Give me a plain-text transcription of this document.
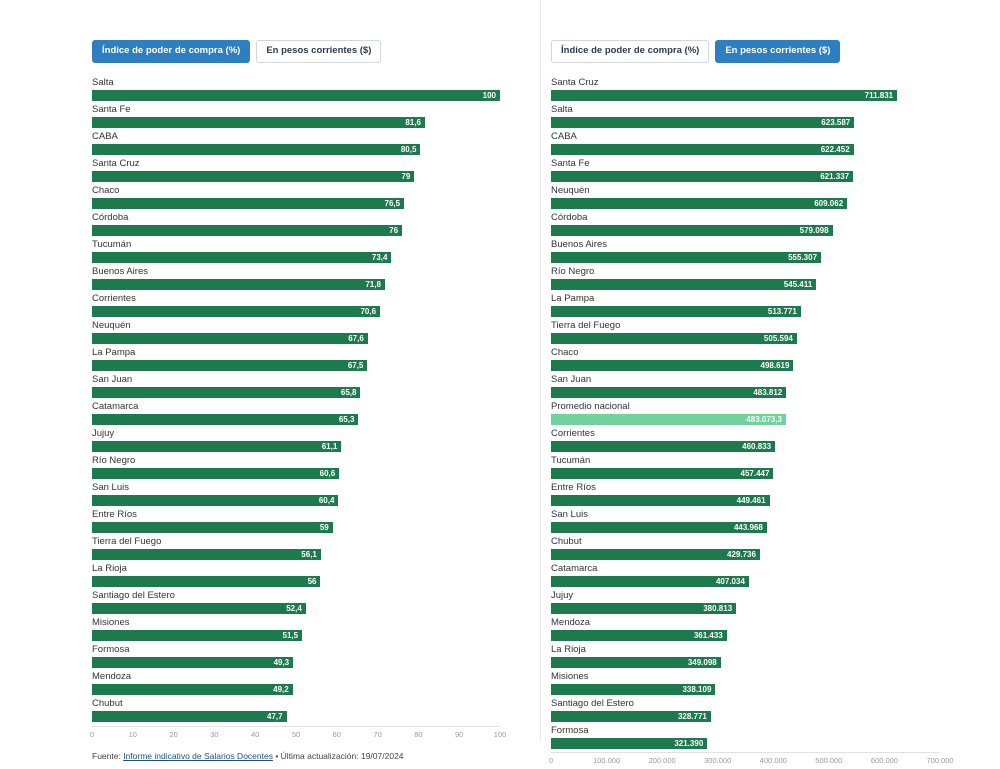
Índice de poder de compra (%)	En pesos corrientes ($)
Salta
100
Santa Fe
81,6
CABA
80,5
Santa Cruz
79
Chaco
76,5
Córdoba
76
Tucumán
73,4
Buenos Aires
71,8
Corrientes
70,6
Neuquén
67,6
La Pampa
67,5
San Juan
65,8
Catamarca
65,3
Jujuy
61,1
Río Negro
60,6
San Luis
60,4
Entre Ríos
59
Tierra del Fuego
56,1
La Rioja
56
Santiago del Estero
52,4
Misiones
51,5
Formosa
49,3
Mendoza
49,2
Chubut
47,7
0	10	20	30	40	50	60	70	80	90	100
Fuente: Informe indicativo de Salarios Docentes • Última actualización: 19/07/2024
Índice de poder de compra (%)	En pesos corrientes ($)
Santa Cruz
711.831
Salta
623.587
CABA
622.452
Santa Fe
621.337
Neuquén
609.062
Córdoba
579.098
Buenos Aires
555.307
Río Negro
545.411
La Pampa
513.771
Tierra del Fuego
505.594
Chaco
498.619
San Juan
483.812
Promedio nacional
483.073,3
Corrientes
460.833
Tucumán
457.447
Entre Ríos
449.461
San Luis
443.968
Chubut
429.736
Catamarca
407.034
Jujuy
380.813
Mendoza
361.433
La Rioja
349.098
Misiones
338.109
Santiago del Estero
328.771
Formosa
321.390
0	100.000	200.000	300.000	400.000	500.000	600.000	700.000
